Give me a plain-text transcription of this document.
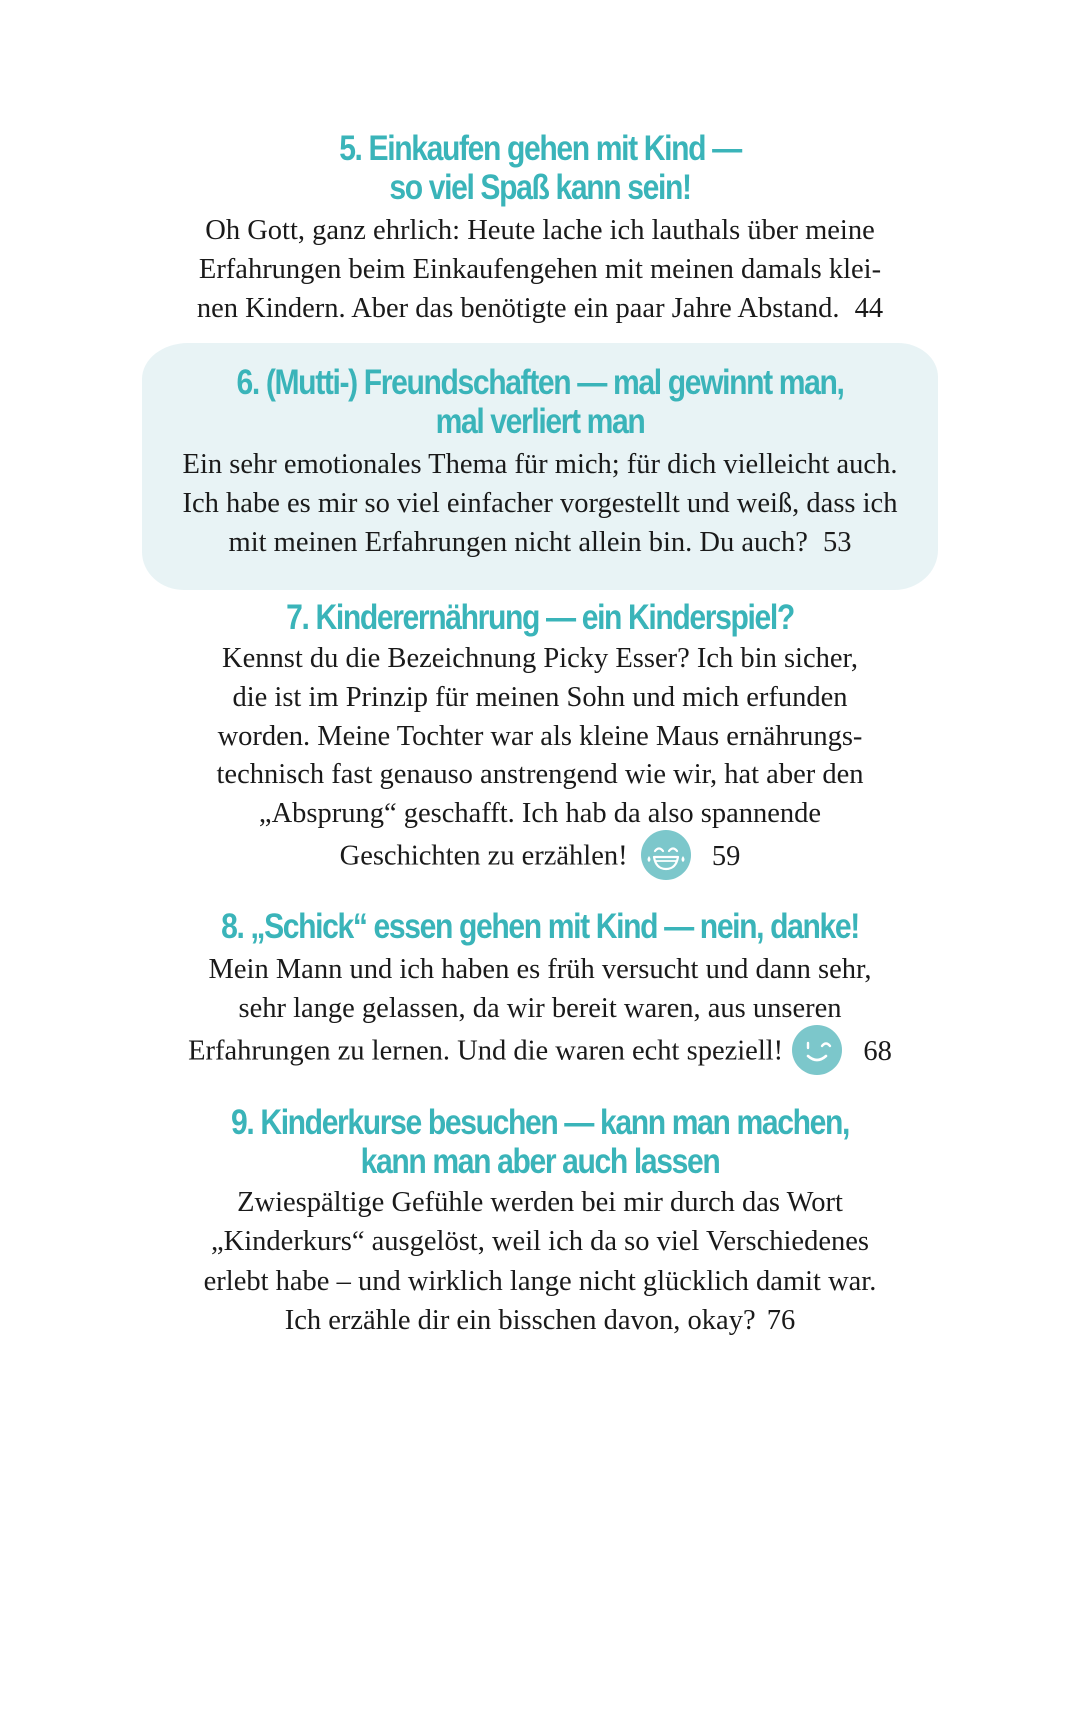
5. Einkaufen gehen mit Kind —
so viel Spaß kann sein!
Oh Gott, ganz ehrlich: Heute lache ich lauthals über meine
Erfahrungen beim Einkaufengehen mit meinen damals klei-
nen Kindern. Aber das benötigte ein paar Jahre Abstand. 44
6. (Mutti-) Freundschaften — mal gewinnt man,
mal verliert man
Ein sehr emotionales Thema für mich; für dich vielleicht auch.
Ich habe es mir so viel einfacher vorgestellt und weiß, dass ich
mit meinen Erfahrungen nicht allein bin. Du auch? 53
7. Kinderernährung — ein Kinderspiel?
Kennst du die Bezeichnung Picky Esser? Ich bin sicher,
die ist im Prinzip für meinen Sohn und mich erfunden
worden. Meine Tochter war als kleine Maus ernährungs-
technisch fast genauso anstrengend wie wir, hat aber den
„Absprung“ geschafft. Ich hab da also spannende
Geschichten zu erzählen!	59
8. „Schick“ essen gehen mit Kind — nein, danke!
Mein Mann und ich haben es früh versucht und dann sehr,
sehr lange gelassen, da wir bereit waren, aus unseren
Erfahrungen zu lernen. Und die waren echt speziell!	68
9. Kinderkurse besuchen — kann man machen,
kann man aber auch lassen
Zwiespältige Gefühle werden bei mir durch das Wort
„Kinderkurs“ ausgelöst, weil ich da so viel Verschiedenes
erlebt habe – und wirklich lange nicht glücklich damit war.
Ich erzähle dir ein bisschen davon, okay? 76
